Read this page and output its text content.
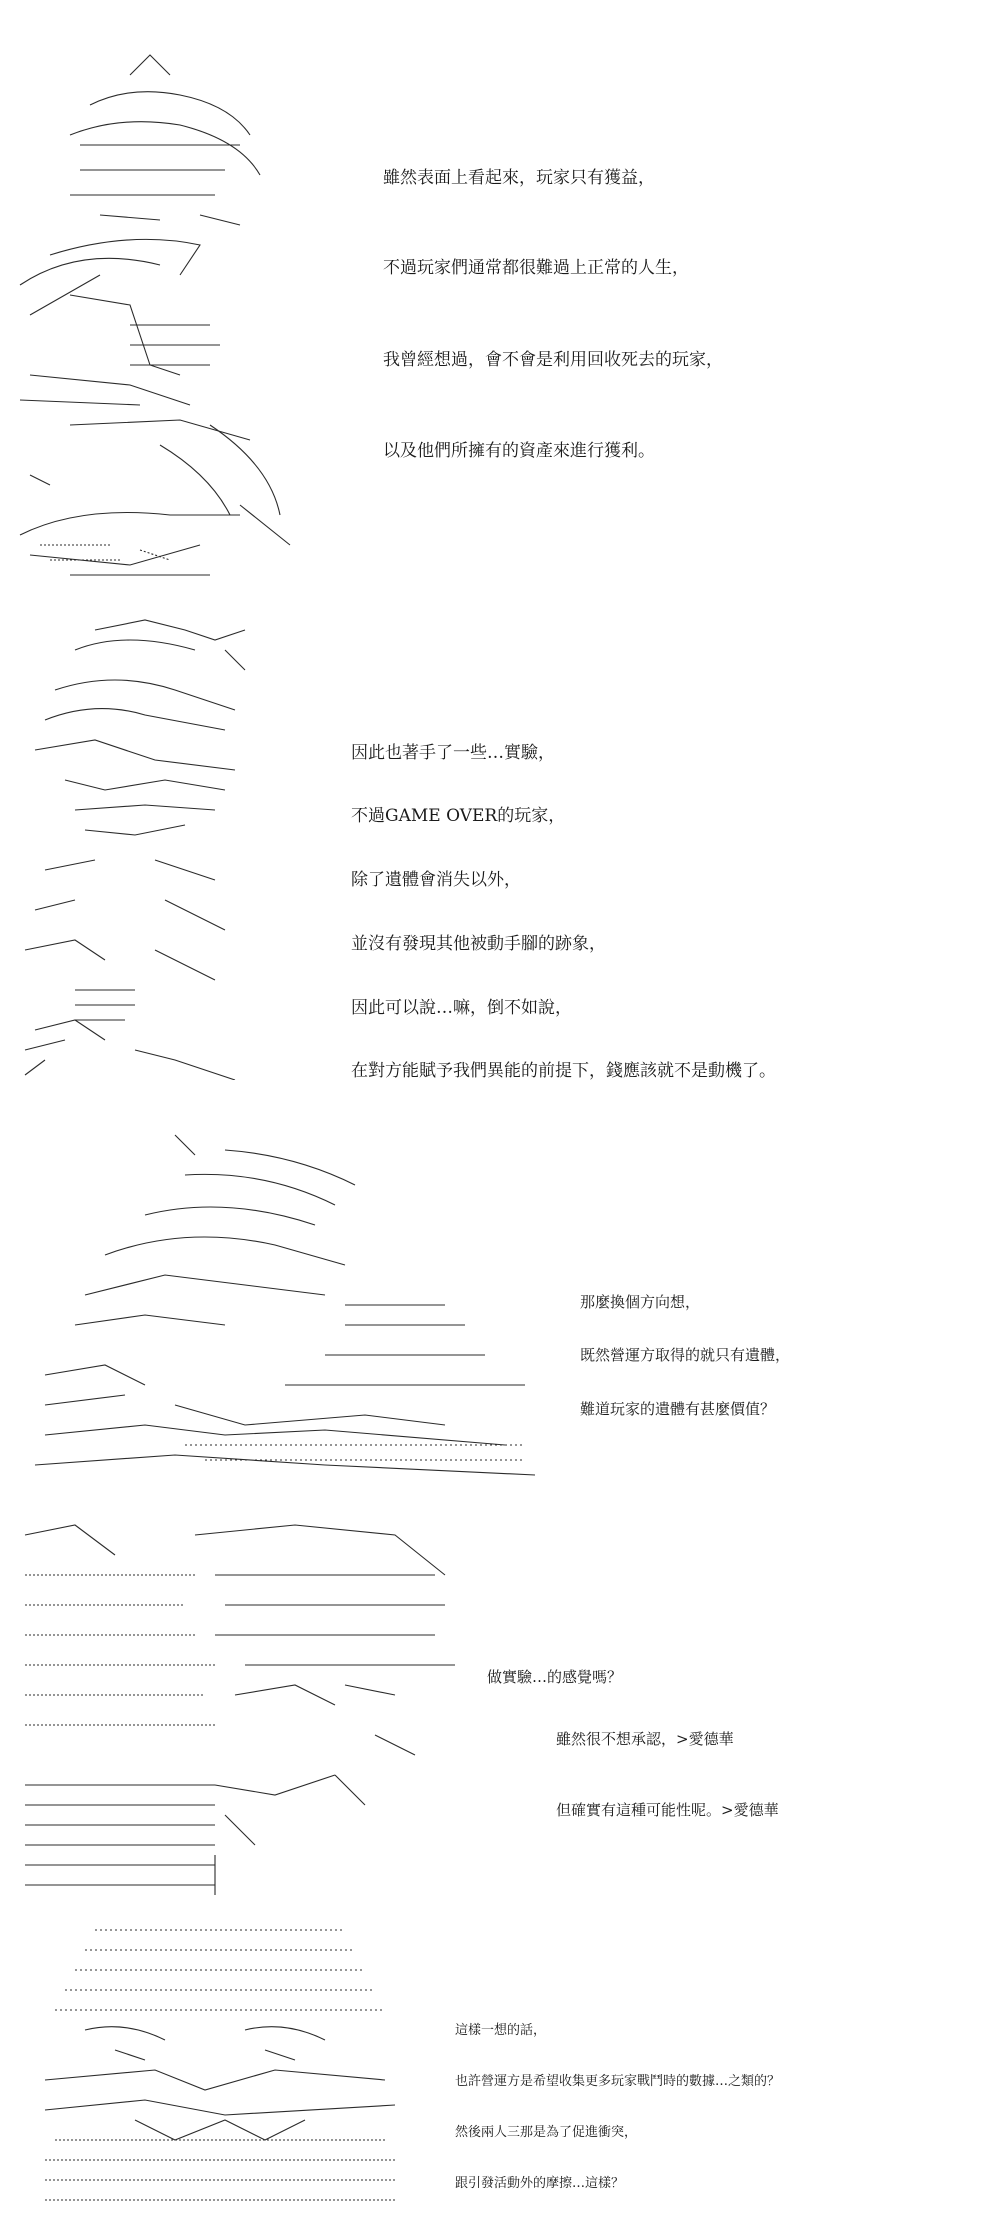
雖然表面上看起來，玩家只有獲益，
不過玩家們通常都很難過上正常的人生，
我曾經想過，會不會是利用回收死去的玩家，
以及他們所擁有的資產來進行獲利。
因此也著手了一些…實驗，
不過GAME OVER的玩家，
除了遺體會消失以外，
並沒有發現其他被動手腳的跡象，
因此可以說…嘛，倒不如說，
在對方能賦予我們異能的前提下，錢應該就不是動機了。
那麼換個方向想，
既然營運方取得的就只有遺體，
難道玩家的遺體有甚麼價值？
做實驗…的感覺嗎？
雖然很不想承認，>愛德華
但確實有這種可能性呢。>愛德華
這樣一想的話，
也許營運方是希望收集更多玩家戰鬥時的數據…之類的？
然後兩人三那是為了促進衝突，
跟引發活動外的摩擦…這樣？
